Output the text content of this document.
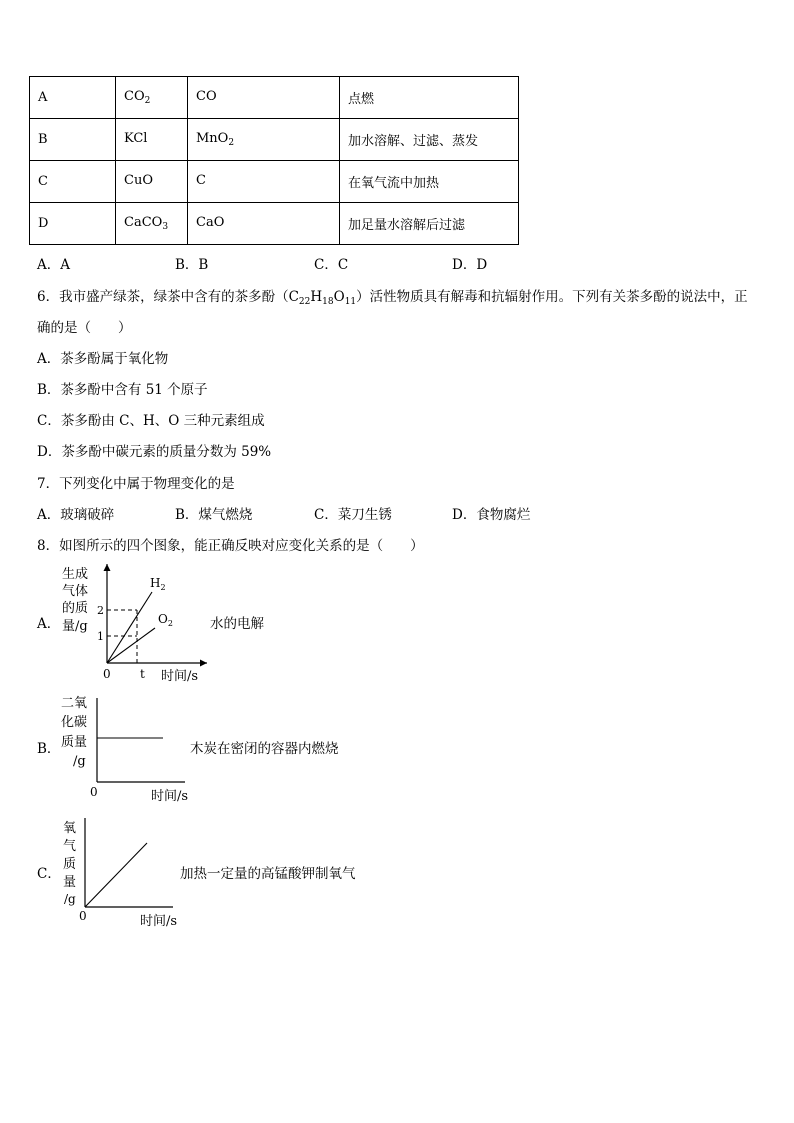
A	$CO_2$	CO	点燃
B	KCl	MnO$_2$	加水溶解、过滤、蒸发
C	CuO	C	在氧气流中加热
D	CaCO$_3$	CaO	加足量水溶解后过滤
A．A	B．B	C．C	D．D
6．我市盛产绿茶，绿茶中含有的茶多酚$(C_{22}H_{18}O_{11})$活性物质具有解毒和抗辐射作用。下列有关茶多酚的说法中，正
确的是（　　）
A．茶多酚属于氧化物
B．茶多酚中含有 51 个原子
C．茶多酚由 C、H、O 三种元素组成
D．茶多酚中碳元素的质量分数为 59%
7．下列变化中属于物理变化的是
A．玻璃破碎	B．煤气燃烧	C．菜刀生锈	D．食物腐烂
8．如图所示的四个图象，能正确反映对应变化关系的是（　　）
A．
生成
气体
的质
量/g
2
1
0 t 时间/s
$H_2$
$O_2$	水的电解
B．
二氧
化碳
质量
/g
0	时间/s
木炭在密闭的容器内燃烧
C．
氧
气
质
量
/g
0	时间/s
加热一定量的高锰酸钾制氧气
